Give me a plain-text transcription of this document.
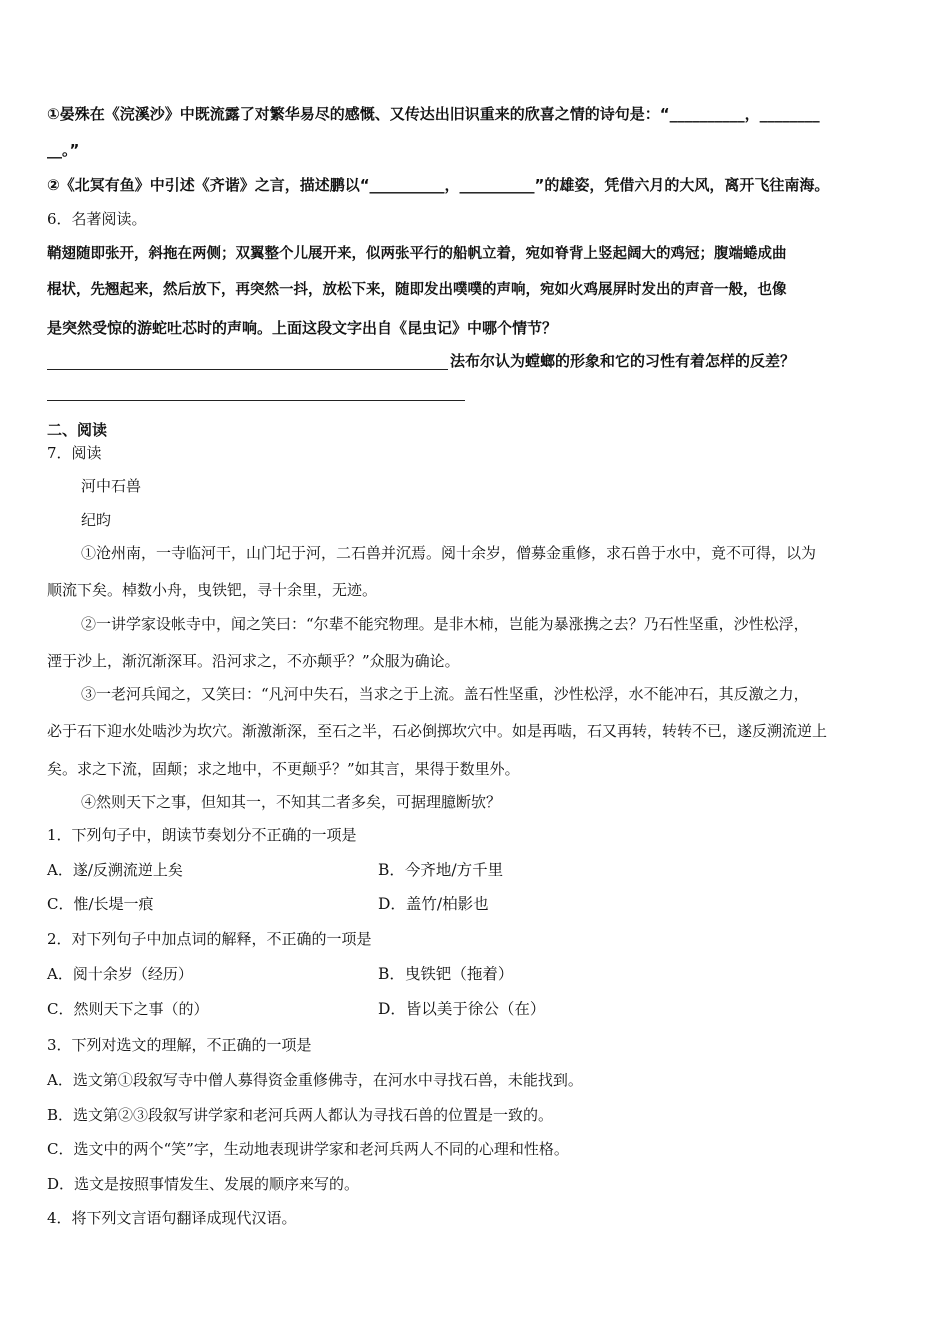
①晏殊在《浣溪沙》中既流露了对繁华易尽的感慨、又传达出旧识重来的欣喜之情的诗句是：“__________，________
__。”
②《北冥有鱼》中引述《齐谐》之言，描述鹏以“__________，__________”的雄姿，凭借六月的大风，离开飞往南海。
6．名著阅读。
鞘翅随即张开，斜拖在两侧；双翼整个儿展开来，似两张平行的船帆立着，宛如脊背上竖起阔大的鸡冠；腹端蜷成曲
棍状，先翘起来，然后放下，再突然一抖，放松下来，随即发出噗噗的声响，宛如火鸡展屏时发出的声音一般，也像
是突然受惊的游蛇吐芯时的声响。上面这段文字出自《昆虫记》中哪个情节？
法布尔认为螳螂的形象和它的习性有着怎样的反差？
二、阅读
7．阅读
河中石兽
纪昀
①沧州南，一寺临河干，山门圮于河，二石兽并沉焉。阅十余岁，僧募金重修，求石兽于水中，竟不可得，以为
顺流下矣。棹数小舟，曳铁钯，寻十余里，无迹。
②一讲学家设帐寺中，闻之笑曰：“尔辈不能究物理。是非木柿，岂能为暴涨携之去？乃石性坚重，沙性松浮，
湮于沙上，渐沉渐深耳。沿河求之，不亦颠乎？”众服为确论。
③一老河兵闻之，又笑曰：“凡河中失石，当求之于上流。盖石性坚重，沙性松浮，水不能冲石，其反激之力，
必于石下迎水处啮沙为坎穴。渐激渐深，至石之半，石必倒掷坎穴中。如是再啮，石又再转，转转不已，遂反溯流逆上
矣。求之下流，固颠；求之地中，不更颠乎？”如其言，果得于数里外。
④然则天下之事，但知其一，不知其二者多矣，可据理臆断欤？
1．下列句子中，朗读节奏划分不正确的一项是
A．遂/反溯流逆上矣	B．今齐地/方千里
C．惟/长堤一痕	D．盖竹/柏影也
2．对下列句子中加点词的解释，不正确的一项是
A．阅十余岁（经历）	B．曳铁钯（拖着）
C．然则天下之事（的）	D．皆以美于徐公（在）
3．下列对选文的理解，不正确的一项是
A．选文第①段叙写寺中僧人募得资金重修佛寺，在河水中寻找石兽，未能找到。
B．选文第②③段叙写讲学家和老河兵两人都认为寻找石兽的位置是一致的。
C．选文中的两个“笑”字，生动地表现讲学家和老河兵两人不同的心理和性格。
D．选文是按照事情发生、发展的顺序来写的。
4．将下列文言语句翻译成现代汉语。
